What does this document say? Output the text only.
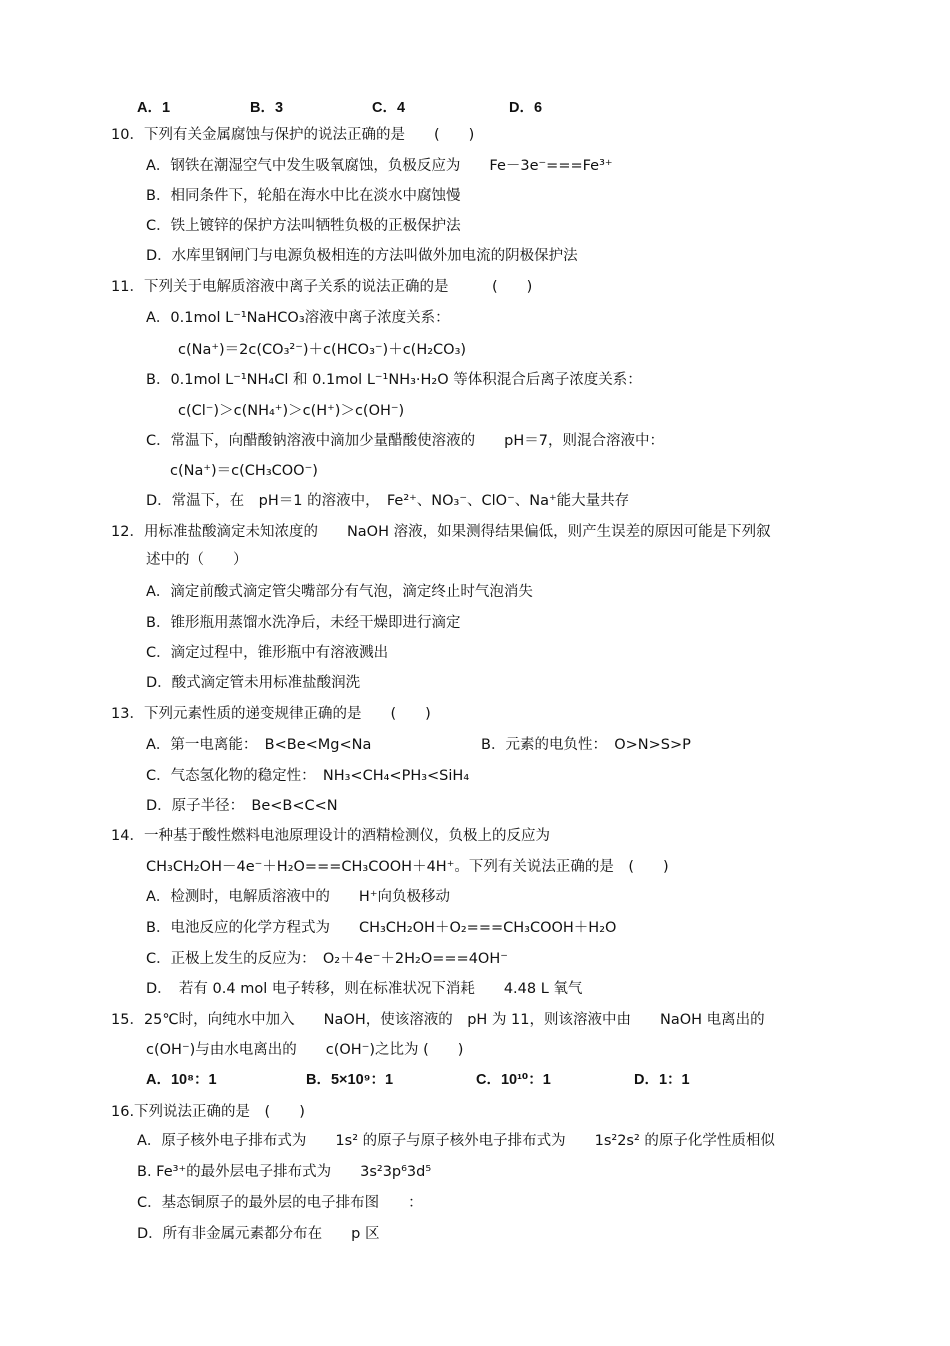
A．1	B．3	C．4	D．6
10．下列有关金属腐蚀与保护的说法正确的是　　(　　)
A．钢铁在潮湿空气中发生吸氧腐蚀，负极反应为　　Fe－3e⁻===Fe³⁺
B．相同条件下，轮船在海水中比在淡水中腐蚀慢
C．铁上镀锌的保护方法叫牺牲负极的正极保护法
D．水库里钢闸门与电源负极相连的方法叫做外加电流的阴极保护法
11．下列关于电解质溶液中离子关系的说法正确的是　　　(　　)
A．0.1mol L⁻¹NaHCO₃溶液中离子浓度关系：
c(Na⁺)＝2c(CO₃²⁻)＋c(HCO₃⁻)＋c(H₂CO₃)
B．0.1mol L⁻¹NH₄Cl 和 0.1mol L⁻¹NH₃·H₂O 等体积混合后离子浓度关系：
c(Cl⁻)＞c(NH₄⁺)＞c(H⁺)＞c(OH⁻)
C．常温下，向醋酸钠溶液中滴加少量醋酸使溶液的　　pH＝7，则混合溶液中：
c(Na⁺)＝c(CH₃COO⁻)
D．常温下，在　pH＝1 的溶液中，　Fe²⁺、NO₃⁻、ClO⁻、Na⁺能大量共存
12．用标准盐酸滴定未知浓度的　　NaOH 溶液，如果测得结果偏低，则产生误差的原因可能是下列叙
述中的（　　）
A．滴定前酸式滴定管尖嘴部分有气泡，滴定终止时气泡消失
B．锥形瓶用蒸馏水洗净后，未经干燥即进行滴定
C．滴定过程中，锥形瓶中有溶液溅出
D．酸式滴定管未用标准盐酸润洗
13．下列元素性质的递变规律正确的是　　(　　)
A．第一电离能：　B<Be<Mg<Na	B．元素的电负性：　O>N>S>P
C．气态氢化物的稳定性：　NH₃<CH₄<PH₃<SiH₄
D．原子半径：　Be<B<C<N
14．一种基于酸性燃料电池原理设计的酒精检测仪，负极上的反应为
CH₃CH₂OH－4e⁻＋H₂O===CH₃COOH＋4H⁺。下列有关说法正确的是　(　　)
A．检测时，电解质溶液中的　　H⁺向负极移动
B．电池反应的化学方程式为　　CH₃CH₂OH＋O₂===CH₃COOH＋H₂O
C．正极上发生的反应为：　O₂＋4e⁻＋2H₂O===4OH⁻
D．　若有 0.4 mol 电子转移，则在标准状况下消耗　　4.48 L 氧气
15．25℃时，向纯水中加入　　NaOH，使该溶液的　pH 为 11，则该溶液中由　　NaOH 电离出的
c(OH⁻)与由水电离出的　　c(OH⁻)之比为 (　　)
A．10⁸：1	B．5×10⁹：1	C．10¹⁰：1	D．1：1
16.下列说法正确的是　(　　)
A．原子核外电子排布式为　　1s² 的原子与原子核外电子排布式为　　1s²2s² 的原子化学性质相似
B. Fe³⁺的最外层电子排布式为　　3s²3p⁶3d⁵
C．基态铜原子的最外层的电子排布图　　：
D．所有非金属元素都分布在　　p 区
